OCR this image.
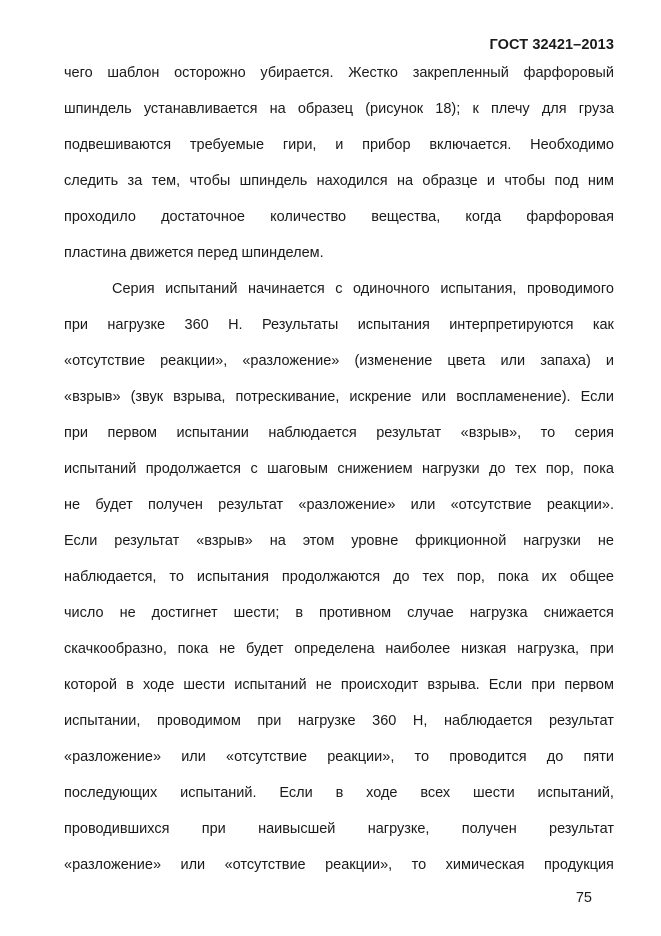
ГОСТ 32421–2013
чего шаблон осторожно убирается. Жестко закрепленный фарфоровый
шпиндель устанавливается на образец (рисунок 18); к плечу для груза
подвешиваются требуемые гири, и прибор включается. Необходимо
следить за тем, чтобы шпиндель находился на образце и чтобы под ним
проходило достаточное количество вещества, когда фарфоровая
пластина движется перед шпинделем.
Серия испытаний начинается с одиночного испытания, проводимого
при нагрузке 360 Н. Результаты испытания интерпретируются как
«отсутствие реакции», «разложение» (изменение цвета или запаха) и
«взрыв» (звук взрыва, потрескивание, искрение или воспламенение). Если
при первом испытании наблюдается результат «взрыв», то серия
испытаний продолжается с шаговым снижением нагрузки до тех пор, пока
не будет получен результат «разложение» или «отсутствие реакции».
Если результат «взрыв» на этом уровне фрикционной нагрузки не
наблюдается, то испытания продолжаются до тех пор, пока их общее
число не достигнет шести; в противном случае нагрузка снижается
скачкообразно, пока не будет определена наиболее низкая нагрузка, при
которой в ходе шести испытаний не происходит взрыва. Если при первом
испытании, проводимом при нагрузке 360 Н, наблюдается результат
«разложение» или «отсутствие реакции», то проводится до пяти
последующих испытаний. Если в ходе всех шести испытаний,
проводившихся при наивысшей нагрузке, получен результат
«разложение» или «отсутствие реакции», то химическая продукция
75
